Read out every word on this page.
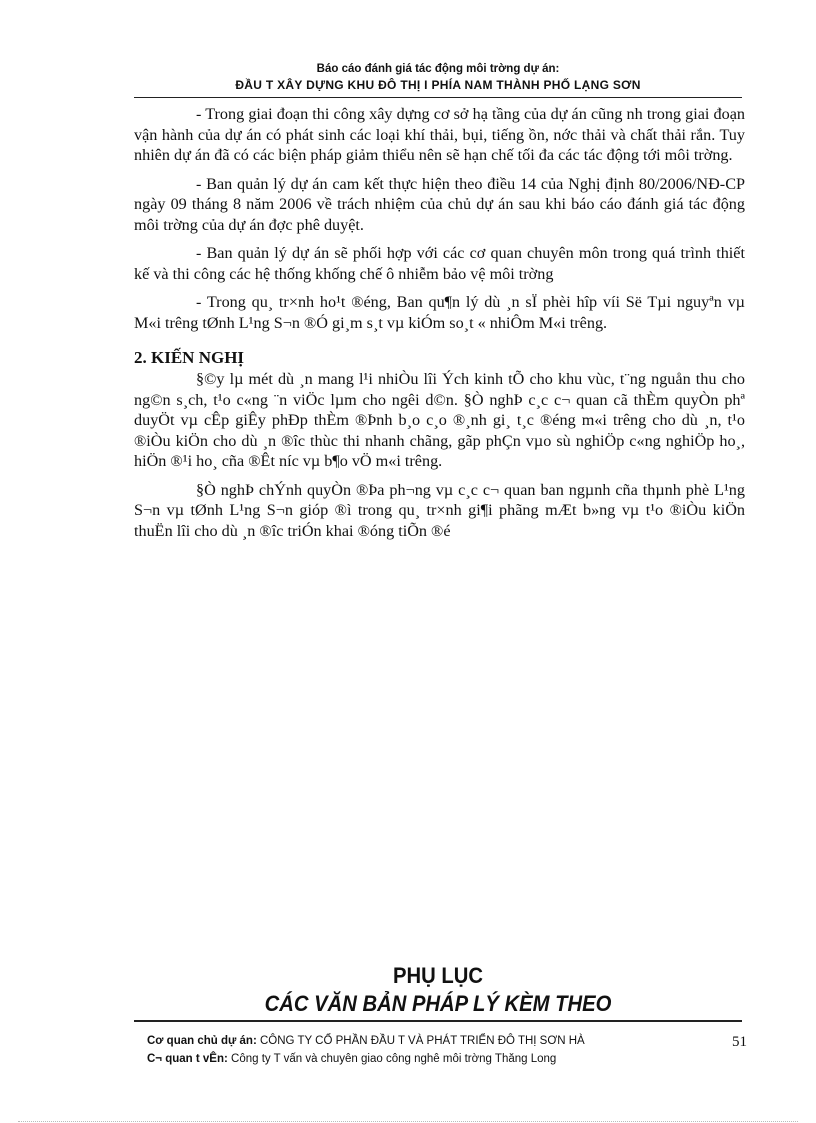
Báo cáo đánh giá tác động môi trờng dự án:
ĐẦU T XÂY DỰNG KHU ĐÔ THỊ I PHÍA NAM THÀNH PHỐ LẠNG SƠN

- Trong giai đoạn thi công xây dựng cơ sở hạ tầng của dự án cũng nh trong giai đoạn vận hành của dự án có phát sinh các loại khí thải, bụi, tiếng ồn, nớc thải và chất thải rắn. Tuy nhiên dự án đã có các biện pháp giảm thiểu nên sẽ hạn chế tối đa các tác động tới môi trờng.

- Ban quản lý dự án cam kết thực hiện theo điều 14 của Nghị định 80/2006/NĐ-CP ngày 09 tháng 8 năm 2006 về trách nhiệm của chủ dự án sau khi báo cáo đánh giá tác động môi trờng của dự án đợc phê duyệt.

- Ban quản lý dự án sẽ phối hợp với các cơ quan chuyên môn trong quá trình thiết kế và thi công các hệ thống khống chế ô nhiễm bảo vệ môi trờng

- Trong qu¸ tr×nh ho¹t ®éng, Ban qu¶n lý dù ¸n sÏ phèi hîp víi Së Tµi nguyªn vµ M«i trêng tØnh L¹ng S¬n ®Ó gi¸m s¸t vµ kiÓm so¸t « nhiÔm M«i trêng.

2. KIẾN NGHỊ

§©y lµ mét dù ¸n mang l¹i nhiÒu lîi Ých kinh tÕ cho khu vùc, t¨ng nguån thu cho ng©n s¸ch, t¹o c«ng ¨n viÖc lµm cho ngêi d©n. §Ò nghÞ c¸c c¬ quan cã thÈm quyÒn phª duyÖt vµ cÊp giÊy phÐp thÈm ®Þnh b¸o c¸o ®¸nh gi¸ t¸c ®éng m«i trêng cho dù ¸n, t¹o ®iÒu kiÖn cho dù ¸n ®îc thùc thi nhanh chãng, gãp phÇn vµo sù nghiÖp c«ng nghiÖp ho¸, hiÖn ®¹i ho¸ cña ®Êt níc vµ b¶o vÖ m«i trêng.

§Ò nghÞ chÝnh quyÒn ®Þa ph¬ng vµ c¸c c¬ quan ban ngµnh cña thµnh phè L¹ng S¬n vµ tØnh L¹ng S¬n gióp ®ì trong qu¸ tr×nh gi¶i phãng mÆt b»ng vµ t¹o ®iÒu kiÖn thuËn lîi cho dù ¸n ®îc triÓn khai ®óng tiÕn ®é

PHỤ LỤC
CÁC VĂN BẢN PHÁP LÝ KÈM THEO
Cơ quan chủ dự án: CÔNG TY CỔ PHẦN ĐẦU T VÀ PHÁT TRIỂN ĐÔ THỊ SƠN HÀ
C¬ quan t vÊn: Công ty T vấn và chuyên giao công nghê môi trờng Thăng Long
51
